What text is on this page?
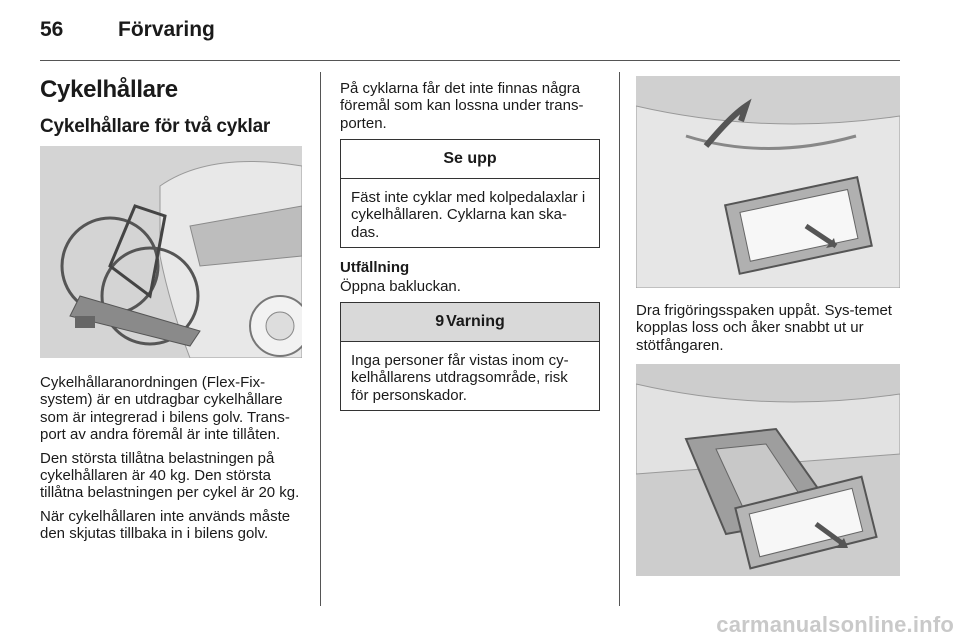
56	Förvaring
Cykelhållare
Cykelhållare för två cyklar

Cykelhållaranordningen (Flex-Fix-system) är en utdragbar cykelhållare som är integrerad i bilens golv. Trans-port av andra föremål är inte tillåten.

Den största tillåtna belastningen på cykelhållaren är 40 kg. Den största tillåtna belastningen per cykel är 20 kg.

När cykelhållaren inte används måste den skjutas tillbaka in i bilens golv.

På cyklarna får det inte finnas några föremål som kan lossna under trans-porten.
Se upp
Fäst inte cyklar med kolpedalaxlar i cykelhållaren. Cyklarna kan ska-das.
Utfällning
Öppna bakluckan.
9 Varning
Inga personer får vistas inom cy-kelhållarens utdragsområde, risk för personskador.
Dra frigöringsspaken uppåt. Sys-temet kopplas loss och åker snabbt ut ur stötfångaren.
carmanualsonline.info
